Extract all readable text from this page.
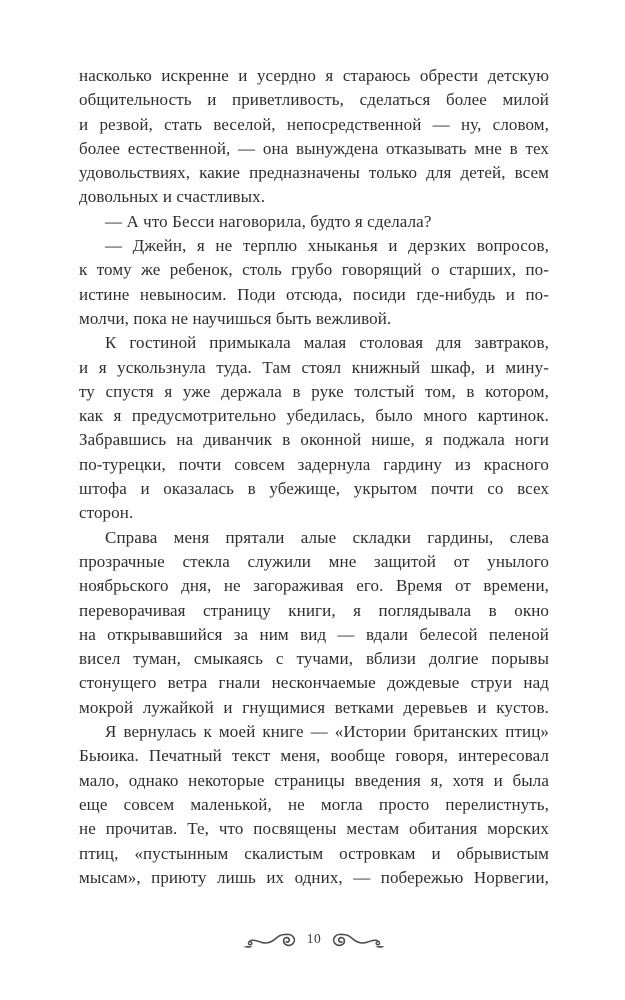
насколько искренне и усердно я стараюсь обрести детскую
общительность и приветливость, сделаться более милой
и резвой, стать веселой, непосредственной — ну, словом,
более естественной, — она вынуждена отказывать мне в тех
удовольствиях, какие предназначены только для детей, всем
довольных и счастливых.
— А что Бесси наговорила, будто я сделала?
— Джейн, я не терплю хныканья и дерзких вопросов,
к тому же ребенок, столь грубо говорящий о старших, по-
истине невыносим. Поди отсюда, посиди где-нибудь и по-
молчи, пока не научишься быть вежливой.
К гостиной примыкала малая столовая для завтраков,
и я ускользнула туда. Там стоял книжный шкаф, и мину-
ту спустя я уже держала в руке толстый том, в котором,
как я предусмотрительно убедилась, было много картинок.
Забравшись на диванчик в оконной нише, я поджала ноги
по-турецки, почти совсем задернула гардину из красного
штофа и оказалась в убежище, укрытом почти со всех
сторон.
Справа меня прятали алые складки гардины, слева
прозрачные стекла служили мне защитой от унылого
ноябрьского дня, не загораживая его. Время от времени,
переворачивая страницу книги, я поглядывала в окно
на открывавшийся за ним вид — вдали белесой пеленой
висел туман, смыкаясь с тучами, вблизи долгие порывы
стонущего ветра гнали нескончаемые дождевые струи над
мокрой лужайкой и гнущимися ветками деревьев и кустов.
Я вернулась к моей книге — «Истории британских птиц»
Бьюика. Печатный текст меня, вообще говоря, интересовал
мало, однако некоторые страницы введения я, хотя и была
еще совсем маленькой, не могла просто перелистнуть,
не прочитав. Те, что посвящены местам обитания морских
птиц, «пустынным скалистым островкам и обрывистым
мысам», приюту лишь их одних, — побережью Норвегии,
10
